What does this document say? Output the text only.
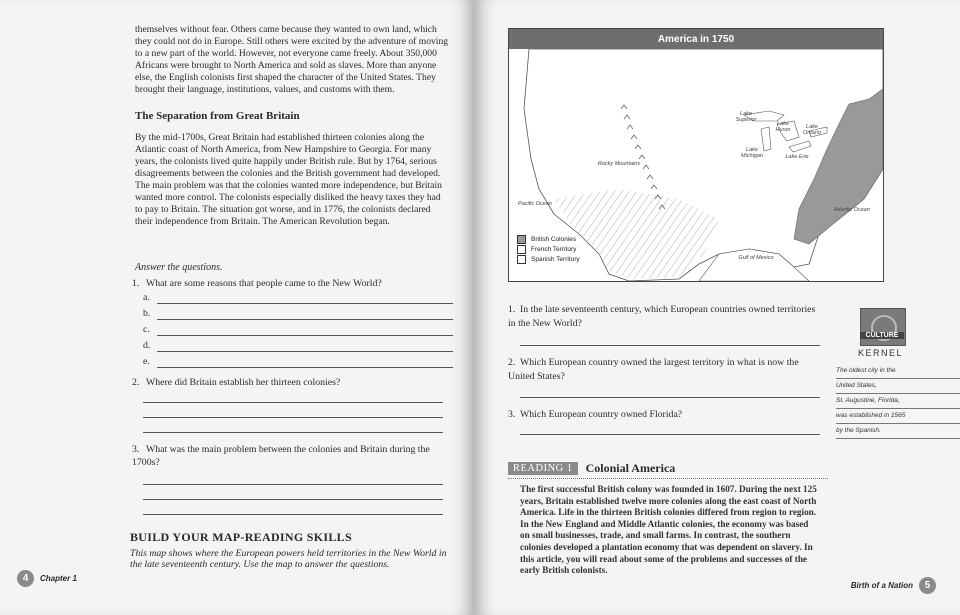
themselves without fear. Others came because they wanted to own land, which they could not do in Europe. Still others were excited by the adventure of moving to a new part of the world. However, not everyone came freely. About 350,000 Africans were brought to North America and sold as slaves. More than anyone else, the English colonists first shaped the character of the United States. They brought their language, institutions, values, and customs with them.

The Separation from Great Britain

By the mid-1700s, Great Britain had established thirteen colonies along the Atlantic coast of North America, from New Hampshire to Georgia. For many years, the colonists lived quite happily under British rule. But by 1764, serious disagreements between the colonies and the British government had developed. The main problem was that the colonies wanted more independence, but Britain wanted more control. The colonists especially disliked the heavy taxes they had to pay to Britain. The situation got worse, and in 1776, the colonists declared their independence from Britain. The American Revolution began.

Answer the questions.
1. What are some reasons that people came to the New World?
a.
b.
c.
d.
e.
2. Where did Britain establish her thirteen colonies?
3. What was the main problem between the colonies and Britain during the 1700s?
BUILD YOUR MAP-READING SKILLS
This map shows where the European powers held territories in the New World in the late seventeenth century. Use the map to answer the questions.
4	Chapter 1
America in 1750
Lake Superior
Lake Huron	Lake Ontario
Lake Michigan	Lake Erie
Rocky Mountains
Pacific Ocean
Atlantic Ocean
Gulf of Mexico
British Colonies
French Territory
Spanish Territory
1. In the late seventeenth century, which European countries owned territories in the New World?
2. Which European country owned the largest territory in what is now the United States?
3. Which European country owned Florida?
CULTURE
KERNEL
The oldest city in the
United States,
St. Augustine, Florida,
was established in 1565
by the Spanish.
READING 1	Colonial America
The first successful British colony was founded in 1607. During the next 125 years, Britain established twelve more colonies along the east coast of North America. Life in the thirteen British colonies differed from region to region. In the New England and Middle Atlantic colonies, the economy was based on small businesses, trade, and small farms. In contrast, the southern colonies developed a plantation economy that was dependent on slavery. In this article, you will read about some of the problems and successes of the early British colonists.
Birth of a Nation	5
